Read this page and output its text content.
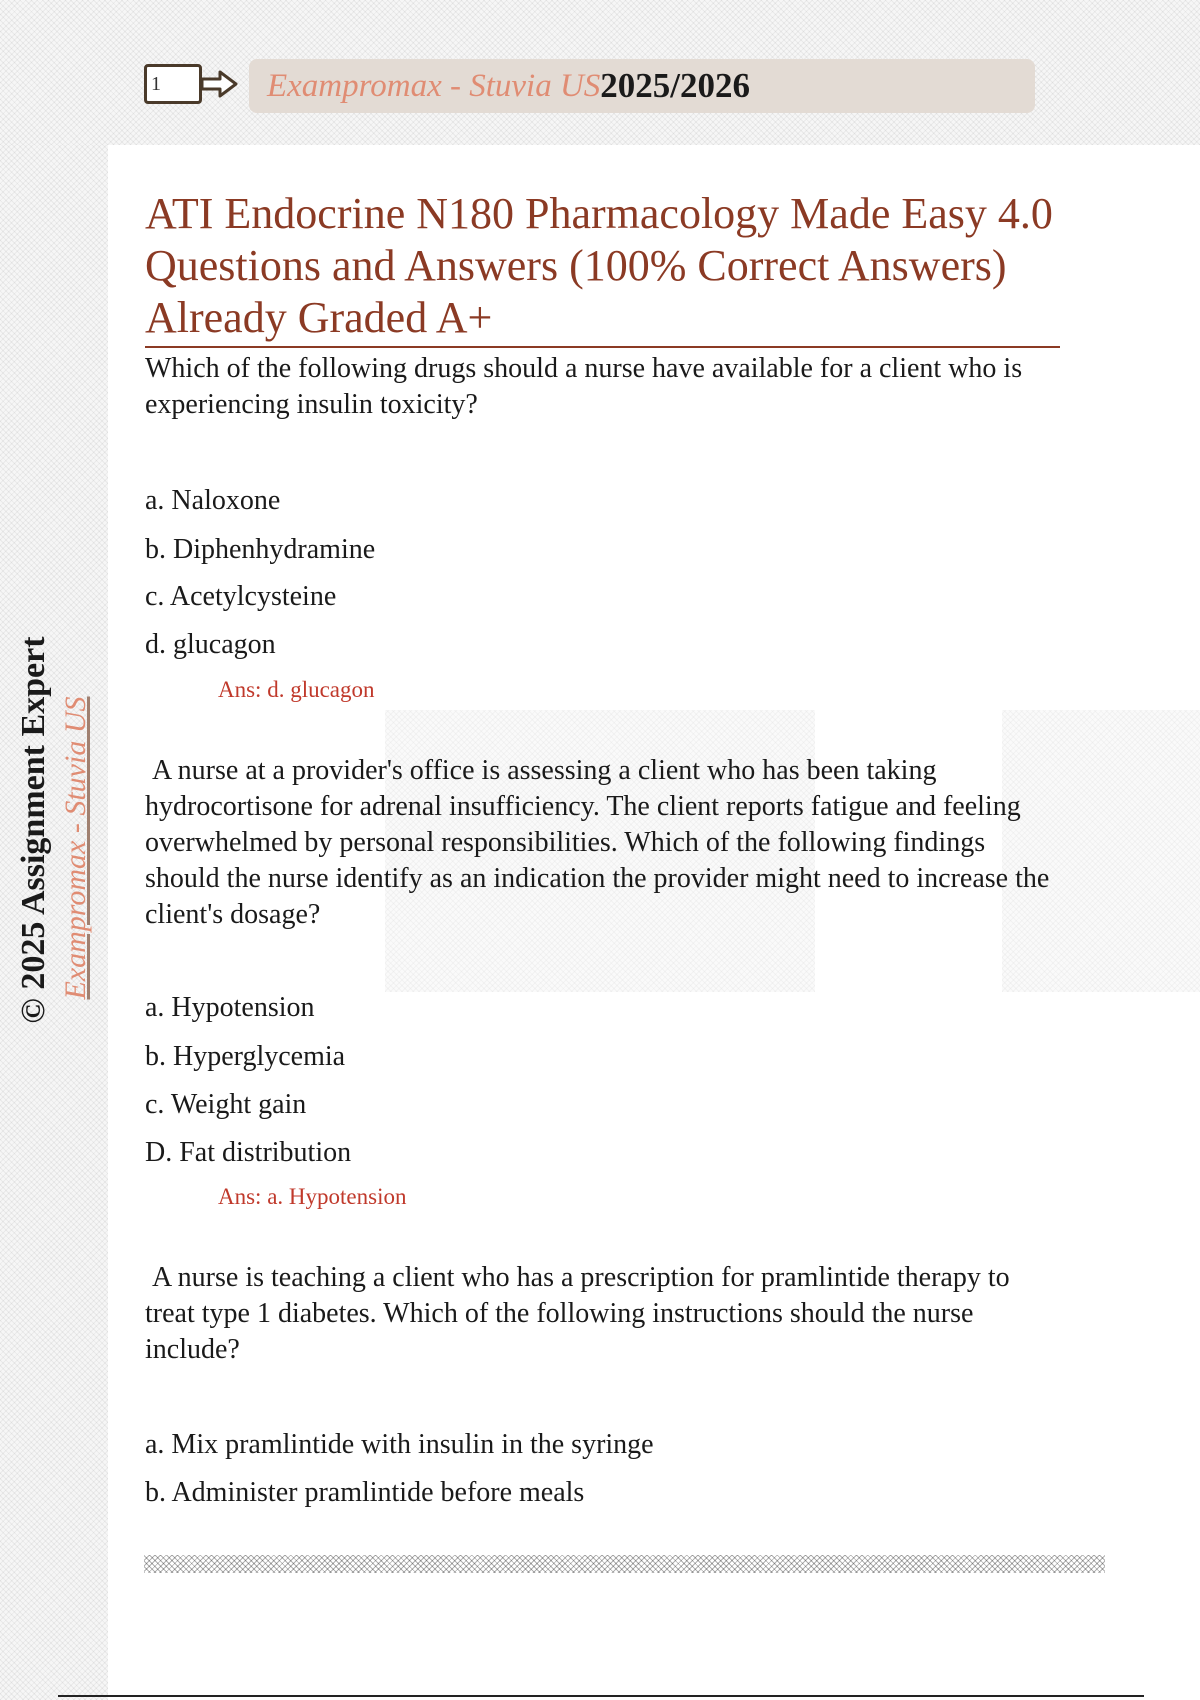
1	Exampromax - Stuvia US 2025/2026
© 2025 Assignment Expert Exampromax - Stuvia US
ATI Endocrine N180 Pharmacology Made Easy 4.0 Questions and Answers (100% Correct Answers) Already Graded A+

Which of the following drugs should a nurse have available for a client who is experiencing insulin toxicity?

a. Naloxone
b. Diphenhydramine
c. Acetylcysteine
d. glucagon
Ans: d. glucagon

A nurse at a provider's office is assessing a client who has been taking hydrocortisone for adrenal insufficiency. The client reports fatigue and feeling overwhelmed by personal responsibilities. Which of the following findings should the nurse identify as an indication the provider might need to increase the client's dosage?

a. Hypotension
b. Hyperglycemia
c. Weight gain
D. Fat distribution
Ans: a. Hypotension

A nurse is teaching a client who has a prescription for pramlintide therapy to treat type 1 diabetes. Which of the following instructions should the nurse include?

a. Mix pramlintide with insulin in the syringe
b. Administer pramlintide before meals
